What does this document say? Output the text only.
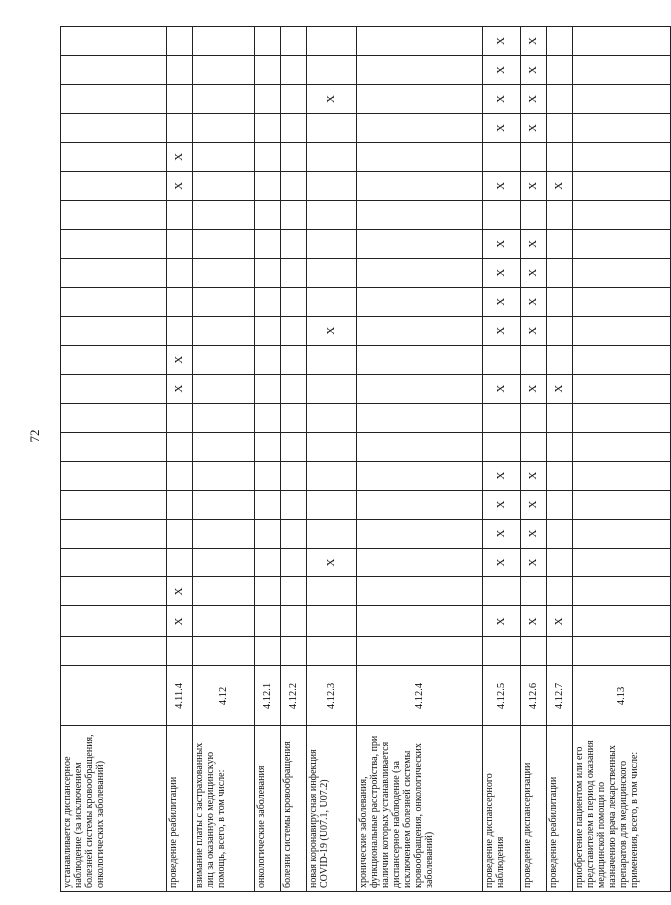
72
устанавливается диспансерное наблюдение (за исключением болезней системы кровообращения, онкологических заболеваний)																							
проведение реабилитации	4.11.4		X	X							X	X						X	X				
взимание платы с застрахованных лиц за оказанную медицинскую помощь, всего, в том числе:	4.12																						
онкологические заболевания	4.12.1																						
болезни системы кровообращения	4.12.2																						
новая коронавирусная инфекция COVID-19 (U07.1, U07.2)	4.12.3				X								X								X		
хронические заболевания, функциональные расстройства, при наличии которых устанавливается диспансерное наблюдение (за исключением болезней системы кровообращения, онкологических заболеваний)	4.12.4																						
проведение диспансерного наблюдения	4.12.5		X		X	X	X	X			X		X	X	X	X		X		X	X	X	X
проведение диспансеризации	4.12.6		X		X	X	X	X			X		X	X	X	X		X		X	X	X	X
проведение реабилитации	4.12.7		X								X							X					
приобретение пациентом или его представителем в период оказания медицинской помощи по назначению врача лекарственных препаратов для медицинского применения, всего, в том числе:	4.13																						
